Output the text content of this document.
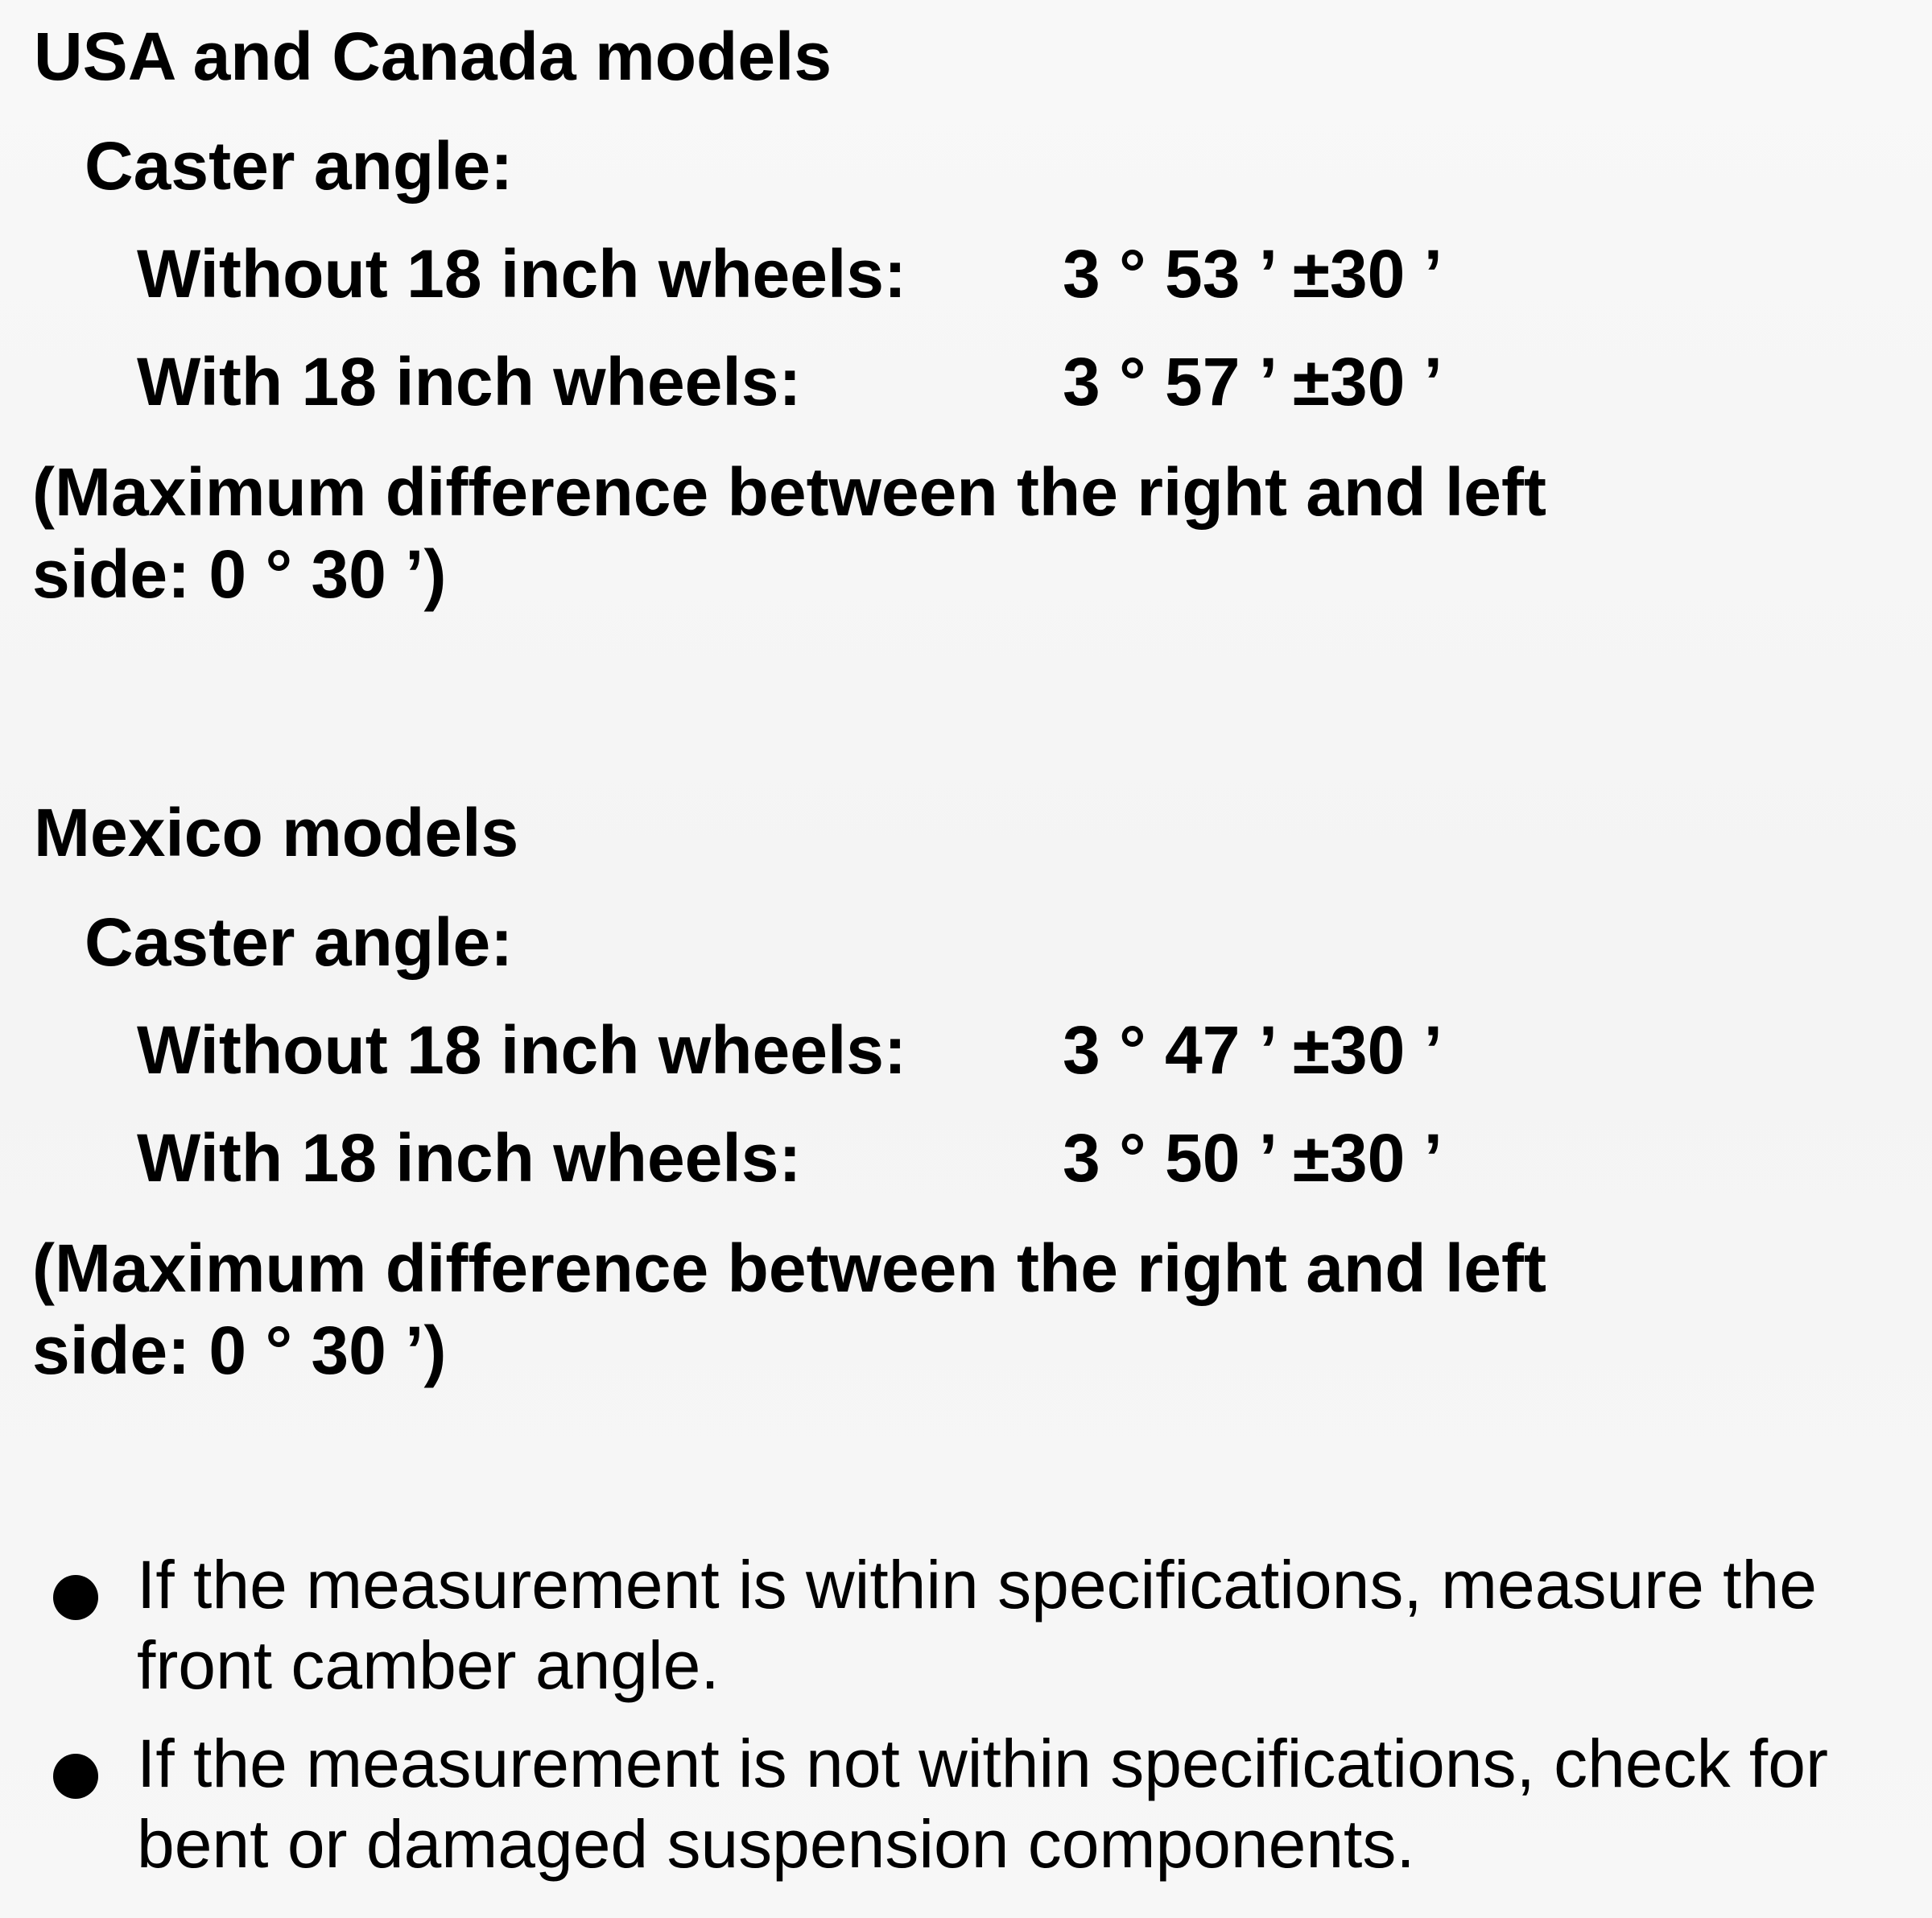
USA and Canada models
Caster angle:
Without 18 inch wheels: 3 ° 53 ’ ±30 ’
With 18 inch wheels:	3 ° 57 ’ ±30 ’
(Maximum difference between the right and left
side: 0 ° 30 ’)
Mexico models
Caster angle:
Without 18 inch wheels: 3 ° 47 ’ ±30 ’
With 18 inch wheels:	3 ° 50 ’ ±30 ’
(Maximum difference between the right and left
side: 0 ° 30 ’)
If the measurement is within specifications, measure the
front camber angle.
If the measurement is not within specifications, check for
bent or damaged suspension components.
